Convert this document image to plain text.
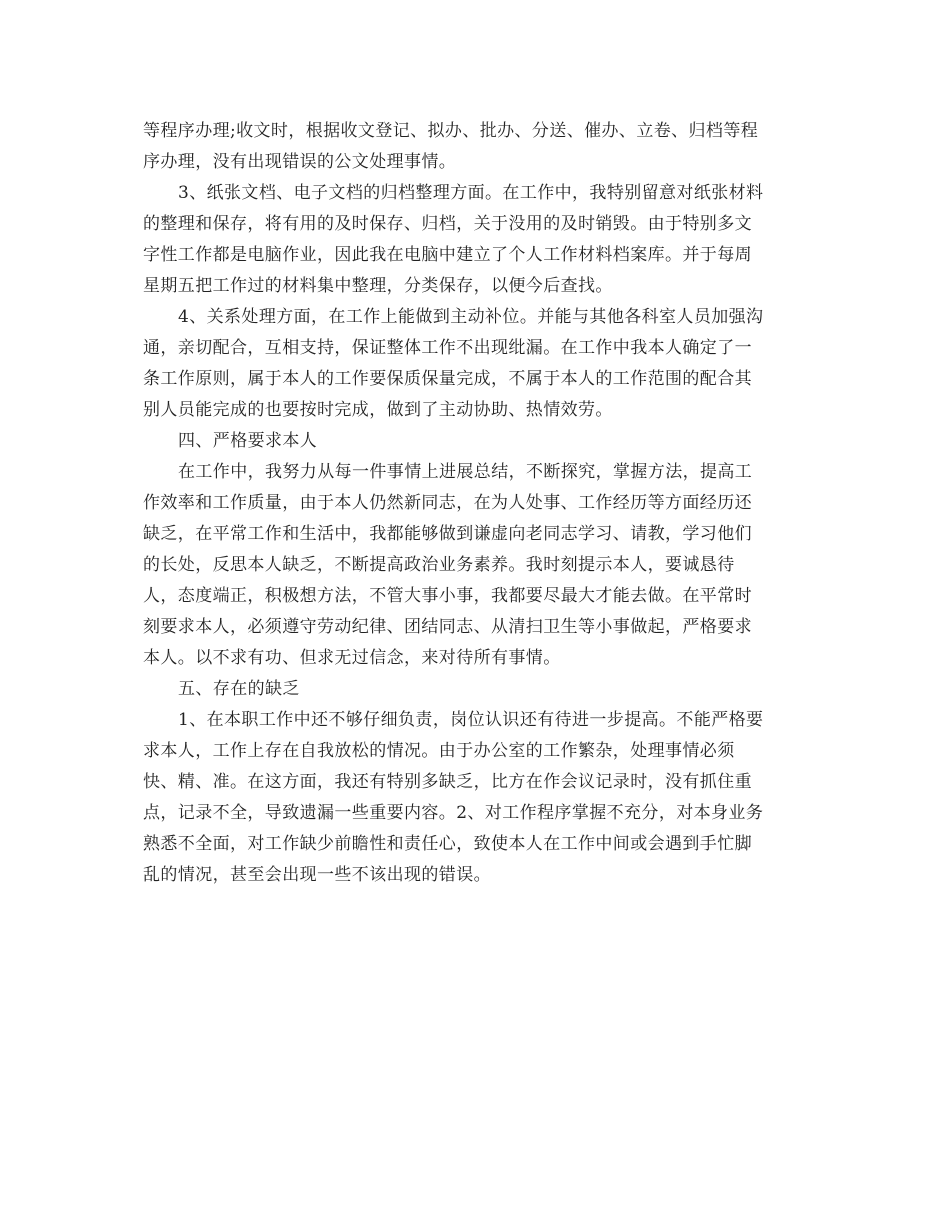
等程序办理;收文时，根据收文登记、拟办、批办、分送、催办、立卷、归档等程
序办理，没有出现错误的公文处理事情。
3、纸张文档、电子文档的归档整理方面。在工作中，我特别留意对纸张材料
的整理和保存，将有用的及时保存、归档，关于没用的及时销毁。由于特别多文
字性工作都是电脑作业，因此我在电脑中建立了个人工作材料档案库。并于每周
星期五把工作过的材料集中整理，分类保存，以便今后查找。
4、关系处理方面，在工作上能做到主动补位。并能与其他各科室人员加强沟
通，亲切配合，互相支持，保证整体工作不出现纰漏。在工作中我本人确定了一
条工作原则，属于本人的工作要保质保量完成，不属于本人的工作范围的配合其
别人员能完成的也要按时完成，做到了主动协助、热情效劳。
四、严格要求本人
在工作中，我努力从每一件事情上进展总结，不断探究，掌握方法，提高工
作效率和工作质量，由于本人仍然新同志，在为人处事、工作经历等方面经历还
缺乏，在平常工作和生活中，我都能够做到谦虚向老同志学习、请教，学习他们
的长处，反思本人缺乏，不断提高政治业务素养。我时刻提示本人，要诚恳待
人，态度端正，积极想方法，不管大事小事，我都要尽最大才能去做。在平常时
刻要求本人，必须遵守劳动纪律、团结同志、从清扫卫生等小事做起，严格要求
本人。以不求有功、但求无过信念，来对待所有事情。
五、存在的缺乏
1、在本职工作中还不够仔细负责，岗位认识还有待进一步提高。不能严格要
求本人，工作上存在自我放松的情况。由于办公室的工作繁杂，处理事情必须
快、精、准。在这方面，我还有特别多缺乏，比方在作会议记录时，没有抓住重
点，记录不全，导致遗漏一些重要内容。2、对工作程序掌握不充分，对本身业务
熟悉不全面，对工作缺少前瞻性和责任心，致使本人在工作中间或会遇到手忙脚
乱的情况，甚至会出现一些不该出现的错误。
